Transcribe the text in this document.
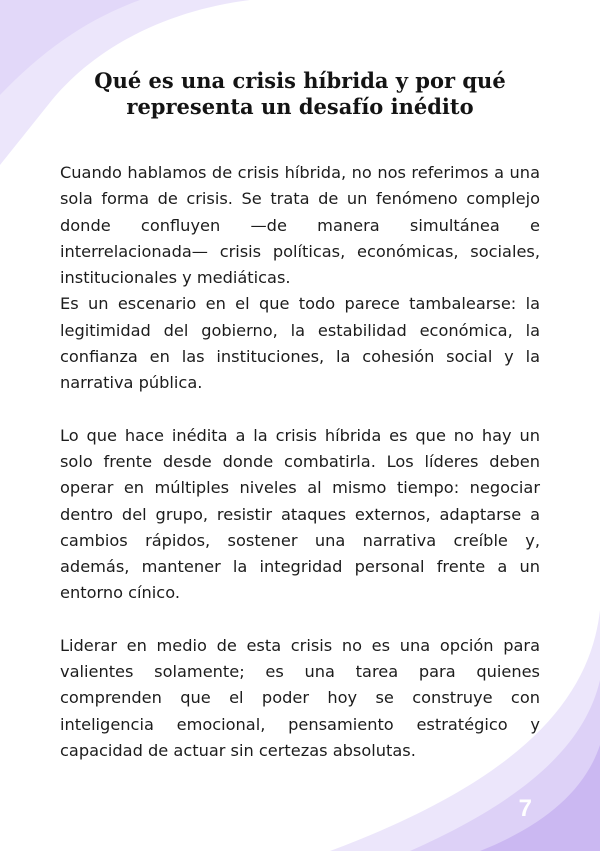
Qué es una crisis híbrida y por qué representa un desafío inédito

Cuando hablamos de crisis híbrida, no nos referimos a una sola forma de crisis. Se trata de un fenómeno complejo donde confluyen —de manera simultánea e interrelacionada— crisis políticas, económicas, sociales, institucionales y mediáticas.

Es un escenario en el que todo parece tambalearse: la legitimidad del gobierno, la estabilidad económica, la confianza en las instituciones, la cohesión social y la narrativa pública.

Lo que hace inédita a la crisis híbrida es que no hay un solo frente desde donde combatirla. Los líderes deben operar en múltiples niveles al mismo tiempo: negociar dentro del grupo, resistir ataques externos, adaptarse a cambios rápidos, sostener una narrativa creíble y, además, mantener la integridad personal frente a un entorno cínico.

Liderar en medio de esta crisis no es una opción para valientes solamente; es una tarea para quienes comprenden que el poder hoy se construye con inteligencia emocional, pensamiento estratégico y capacidad de actuar sin certezas absolutas.

7
